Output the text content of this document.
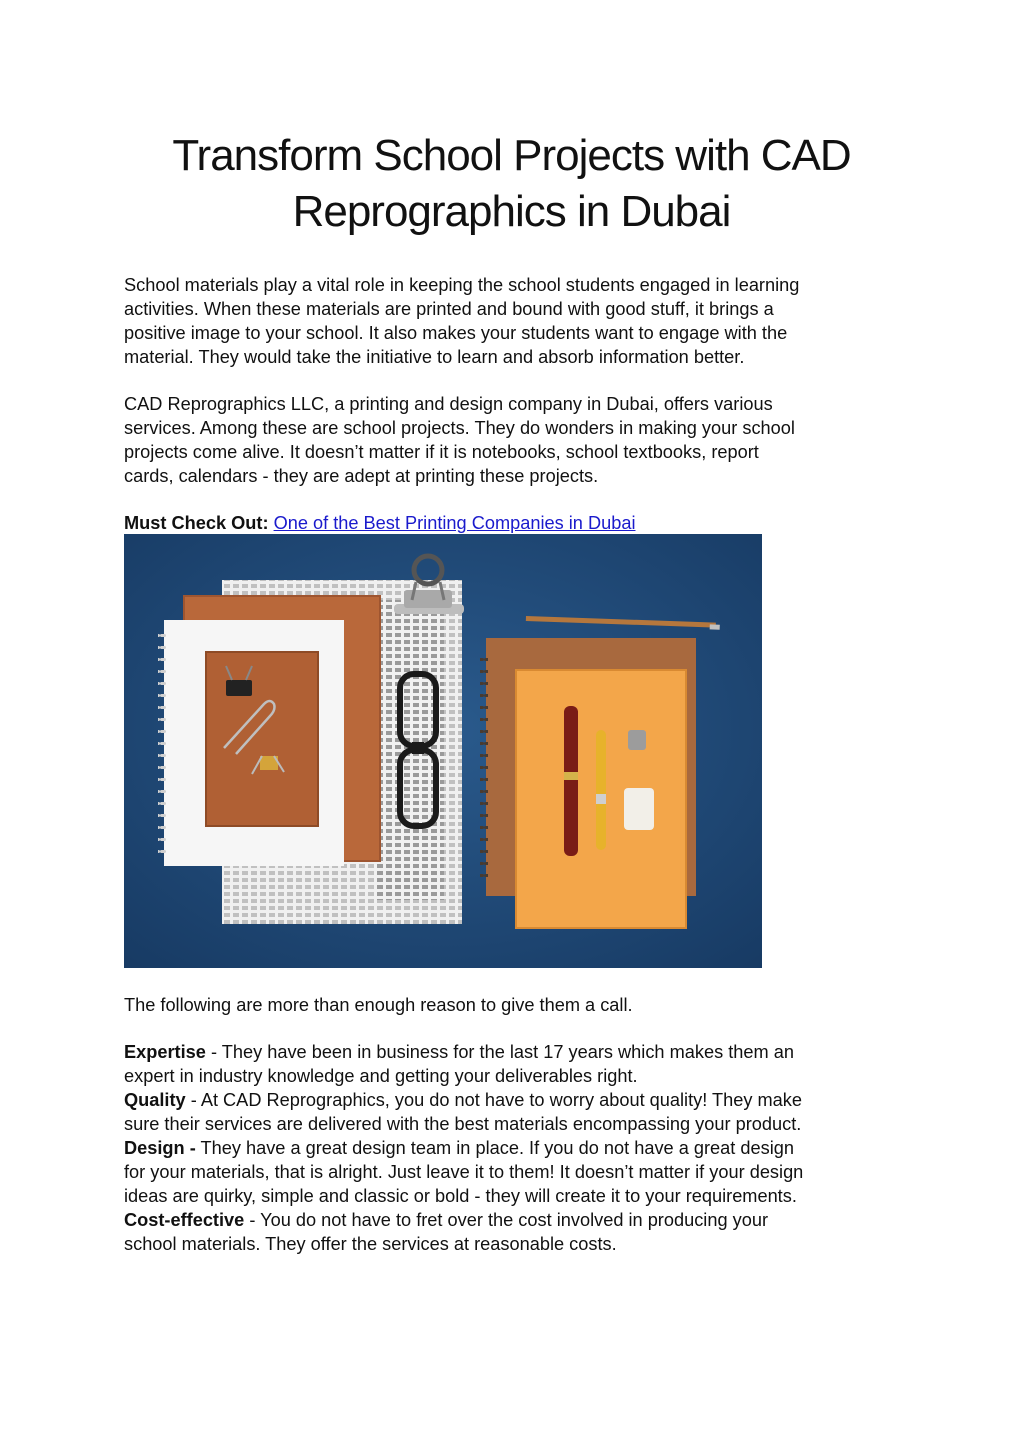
Transform School Projects with CAD
Reprographics in Dubai

School materials play a vital role in keeping the school students engaged in learning
activities. When these materials are printed and bound with good stuff, it brings a
positive image to your school. It also makes your students want to engage with the
material. They would take the initiative to learn and absorb information better.

CAD Reprographics LLC, a printing and design company in Dubai, offers various
services. Among these are school projects. They do wonders in making your school
projects come alive. It doesn’t matter if it is notebooks, school textbooks, report
cards, calendars - they are adept at printing these projects.

Must Check Out: One of the Best Printing Companies in Dubai
The following are more than enough reason to give them a call.
Expertise - They have been in business for the last 17 years which makes them an
expert in industry knowledge and getting your deliverables right.
Quality - At CAD Reprographics, you do not have to worry about quality! They make
sure their services are delivered with the best materials encompassing your product.
Design - They have a great design team in place. If you do not have a great design
for your materials, that is alright. Just leave it to them! It doesn’t matter if your design
ideas are quirky, simple and classic or bold - they will create it to your requirements.
Cost-effective - You do not have to fret over the cost involved in producing your
school materials. They offer the services at reasonable costs.
